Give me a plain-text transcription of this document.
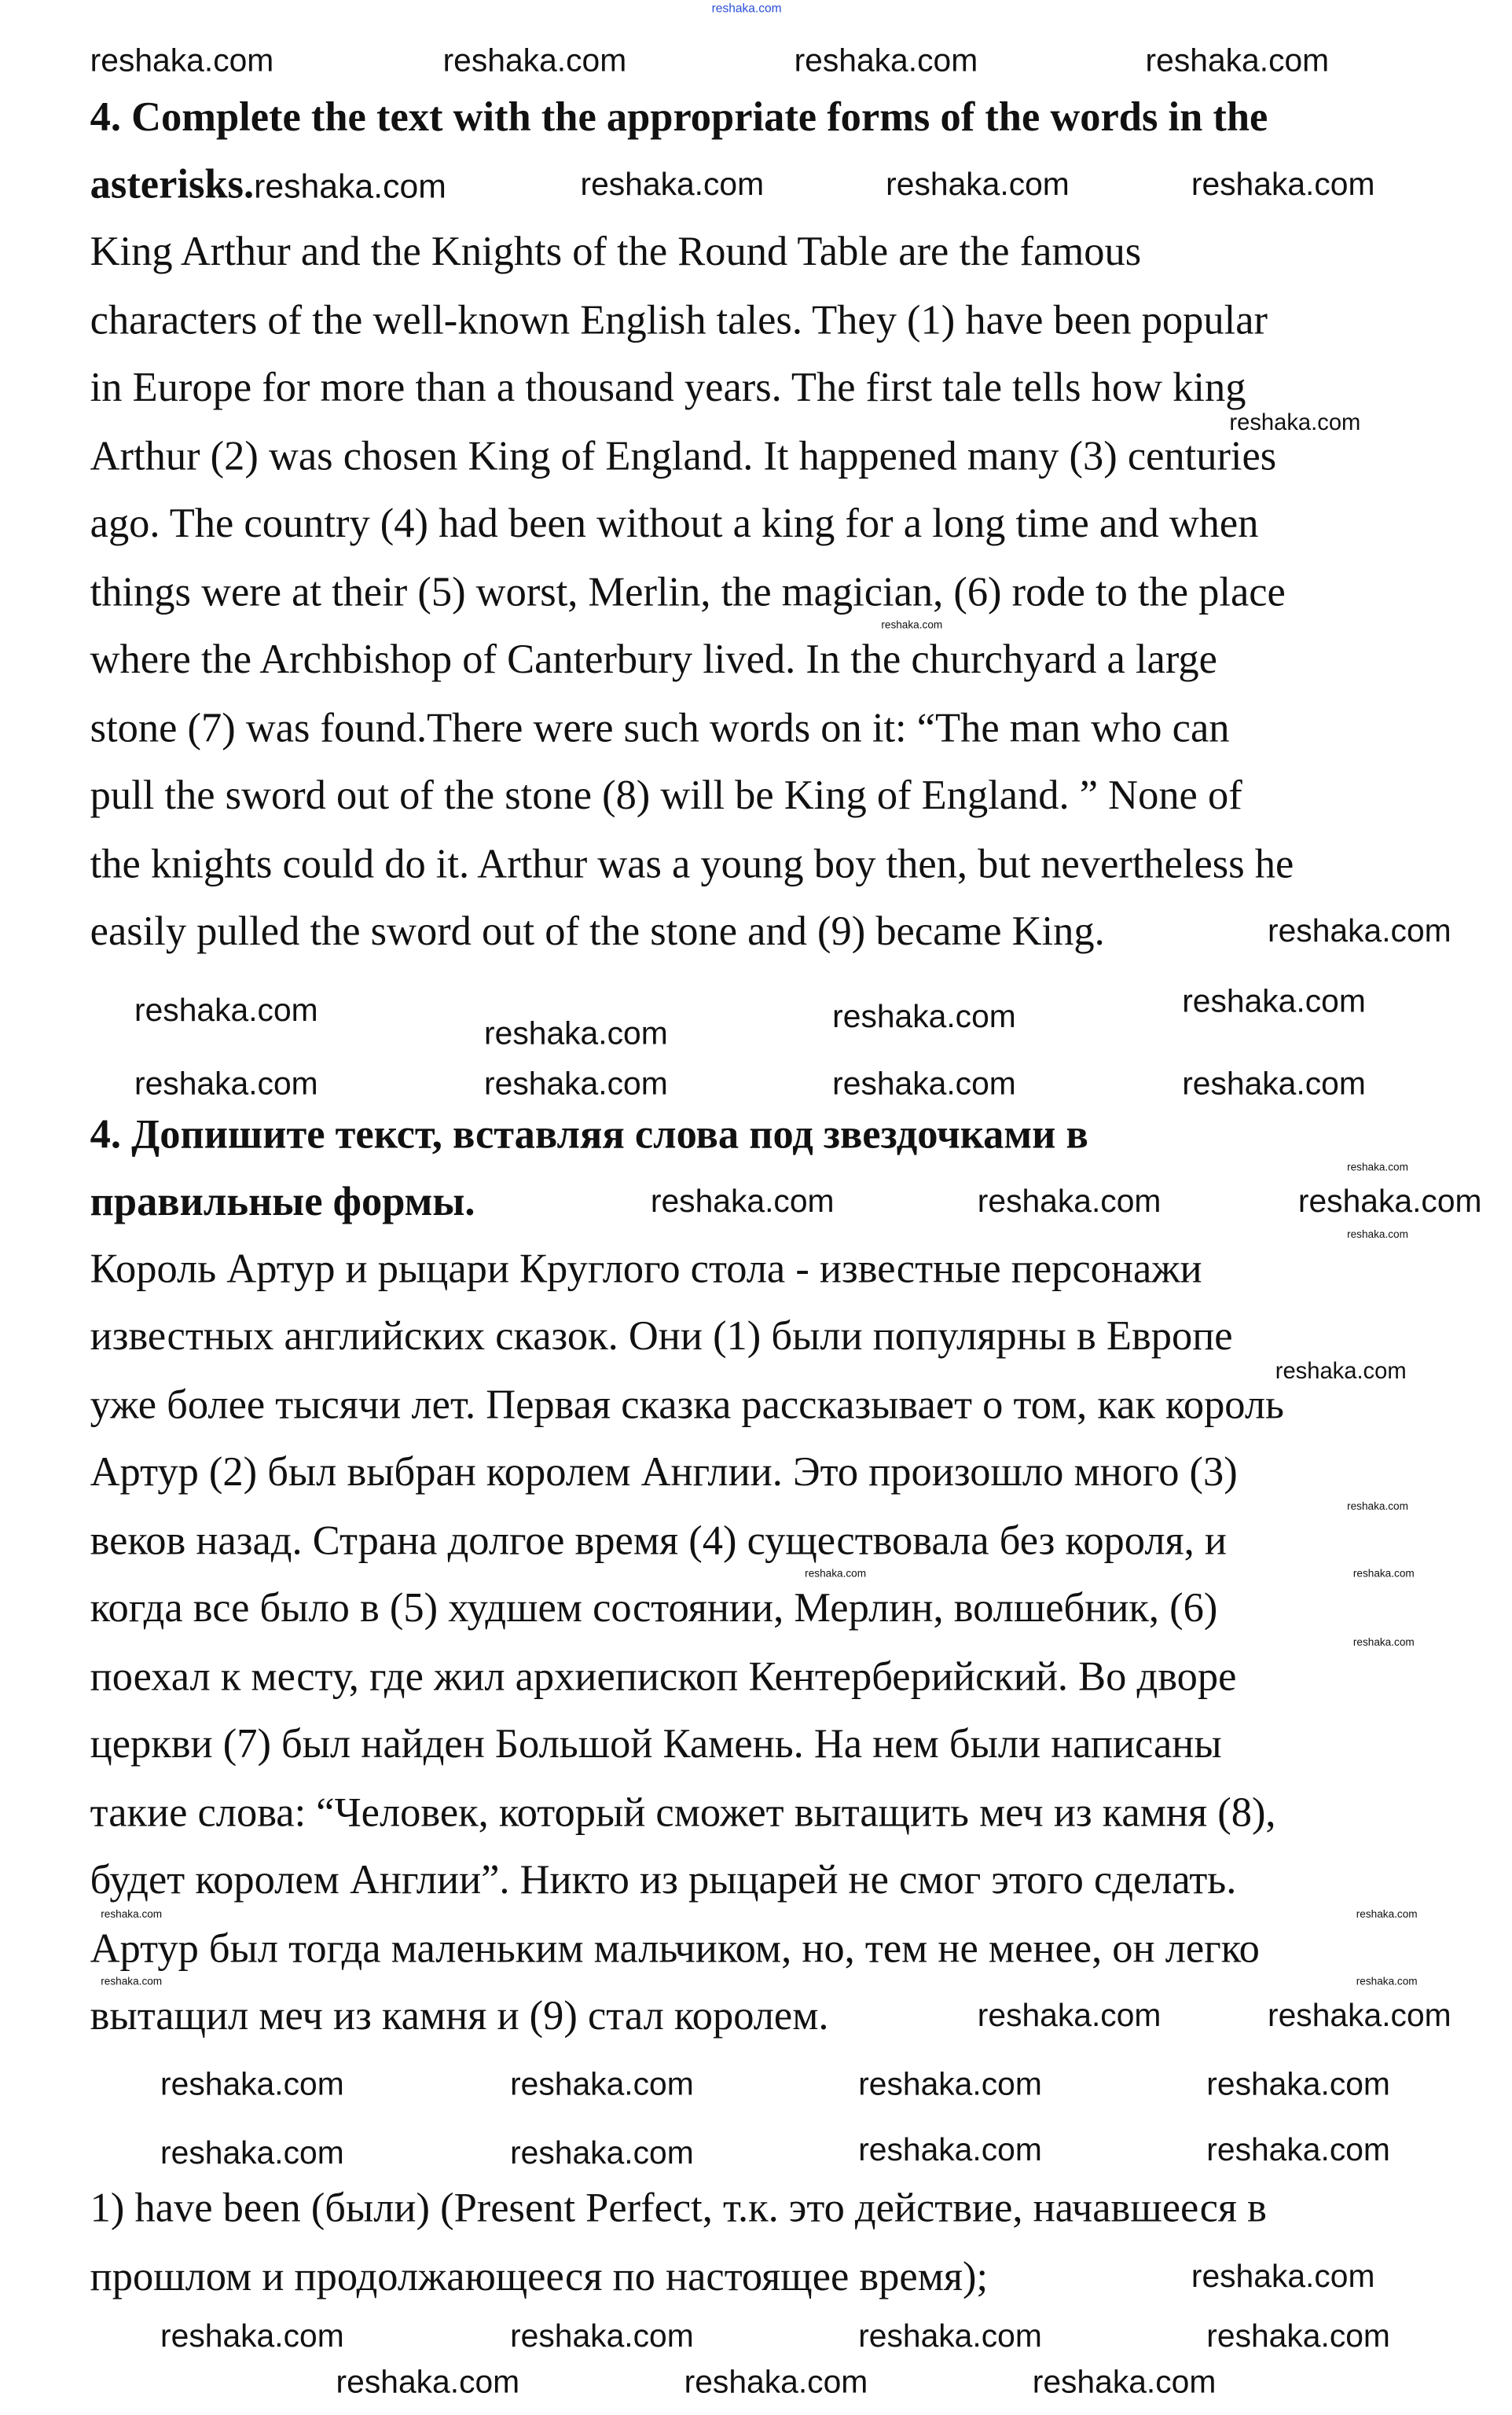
reshaka.com
4. Complete the text with the appropriate forms of the words in the
asterisks.reshaka.com
King Arthur and the Knights of the Round Table are the famous
characters of the well-known English tales. They (1) have been popular
in Europe for more than a thousand years. The first tale tells how king
Arthur (2) was chosen King of England. It happened many (3) centuries
ago. The country (4) had been without a king for a long time and when
things were at their (5) worst, Merlin, the magician, (6) rode to the place
where the Archbishop of Canterbury lived. In the churchyard a large
stone (7) was found.There were such words on it: “The man who can
pull the sword out of the stone (8) will be King of England. ” None of
the knights could do it. Arthur was a young boy then, but nevertheless he
easily pulled the sword out of the stone and (9) became King.
4. Допишите текст, вставляя слова под звездочками в
правильные формы.
Король Артур и рыцари Круглого стола - известные персонажи
известных английских сказок. Они (1) были популярны в Европе
уже более тысячи лет. Первая сказка рассказывает о том, как король
Артур (2) был выбран королем Англии. Это произошло много (3)
веков назад. Страна долгое время (4) существовала без короля, и
когда все было в (5) худшем состоянии, Мерлин, волшебник, (6)
поехал к месту, где жил архиепископ Кентерберийский. Во дворе
церкви (7) был найден Большой Камень. На нем были написаны
такие слова: “Человек, который сможет вытащить меч из камня (8),
будет королем Англии”. Никто из рыцарей не смог этого сделать.
Артур был тогда маленьким мальчиком, но, тем не менее, он легко
вытащил меч из камня и (9) стал королем.
1) have been (были) (Present Perfect, т.к. это действие, начавшееся в
прошлом и продолжающееся по настоящее время);
reshaka.com	reshaka.com	reshaka.com	reshaka.com
reshaka.com	reshaka.com	reshaka.com
reshaka.com
reshaka.com
reshaka.com
reshaka.com
reshaka.com	reshaka.com	reshaka.com
reshaka.com	reshaka.com	reshaka.com	reshaka.com
reshaka.com
reshaka.com	reshaka.com	reshaka.com
reshaka.com
reshaka.com
reshaka.com
reshaka.com
reshaka.com
reshaka.com
reshaka.com	reshaka.com
reshaka.com	reshaka.com
reshaka.com	reshaka.com
reshaka.com	reshaka.com	reshaka.com	reshaka.com
reshaka.com	reshaka.com	reshaka.com	reshaka.com
reshaka.com
reshaka.com	reshaka.com	reshaka.com	reshaka.com
reshaka.com	reshaka.com	reshaka.com
